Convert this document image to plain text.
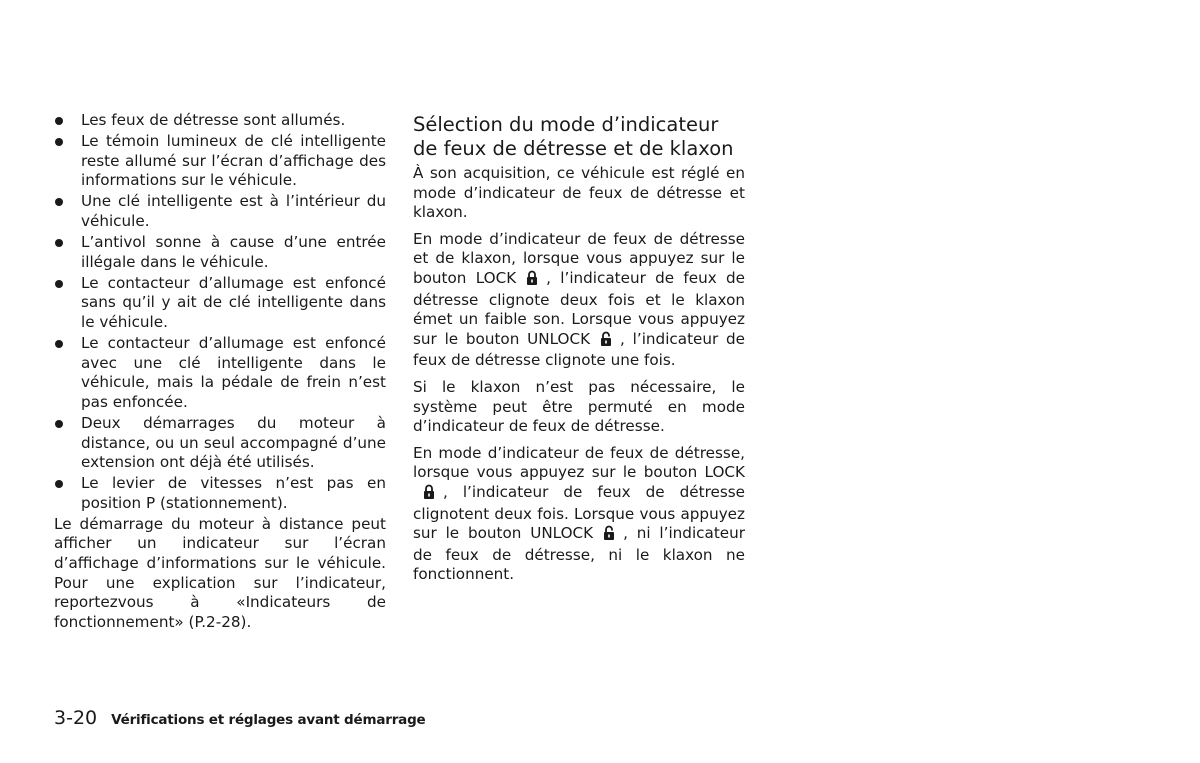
Les feux de détresse sont allumés.
Le témoin lumineux de clé intelligente reste allumé sur l’écran d’affichage des informations sur le véhicule.
Une clé intelligente est à l’intérieur du véhicule.
L’antivol sonne à cause d’une entrée illégale dans le véhicule.
Le contacteur d’allumage est enfoncé sans qu’il y ait de clé intelligente dans le véhicule.
Le contacteur d’allumage est enfoncé avec une clé intelligente dans le véhicule, mais la pédale de frein n’est pas enfoncée.
Deux démarrages du moteur à distance, ou un seul accompagné d’une extension ont déjà été utilisés.
Le levier de vitesses n’est pas en position P (stationnement).

Le démarrage du moteur à distance peut afficher un indicateur sur l’écran d’affichage d’informations sur le véhicule. Pour une explication sur l’indicateur, reportezvous à «Indicateurs de fonctionnement» (P.2-28).

Sélection du mode d’indicateur de feux de détresse et de klaxon

À son acquisition, ce véhicule est réglé en mode d’indicateur de feux de détresse et klaxon.

En mode d’indicateur de feux de détresse et de klaxon, lorsque vous appuyez sur le bouton LOCK , l’indicateur de feux de détresse clignote deux fois et le klaxon émet un faible son. Lorsque vous appuyez sur le bouton UNLOCK , l’indicateur de feux de détresse clignote une fois.

Si le klaxon n’est pas nécessaire, le système peut être permuté en mode d’indicateur de feux de détresse.

En mode d’indicateur de feux de détresse, lorsque vous appuyez sur le bouton LOCK, l’indicateur de feux de détresse clignotent deux fois. Lorsque vous appuyez sur le bouton UNLOCK , ni l’indicateur de feux de détresse, ni le klaxon ne fonctionnent.

3-20 Vérifications et réglages avant démarrage
